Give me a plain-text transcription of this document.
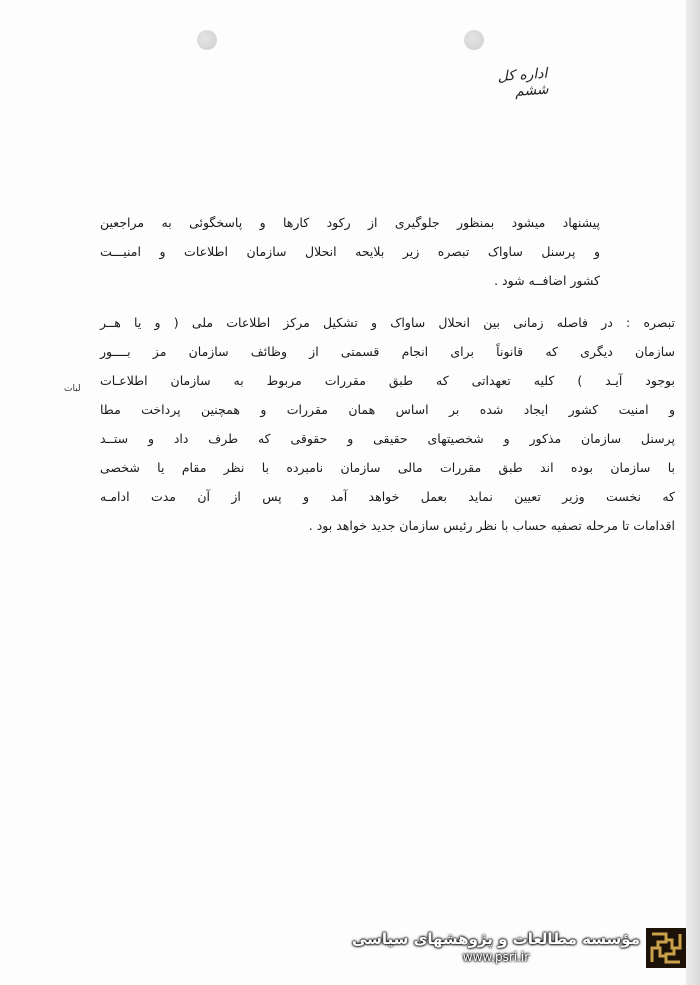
اداره کل ششم
پیشنهاد میشود بمنظور جلوگیری از رکود کارها و پاسخگوئی به مراجعین
و پرسنل ساواک تبصره زیر بلایحه انحلال سازمان اطلاعات و امنیـــت
کشور اضافــه شود .
تبصره : در فاصله زمانی بین انحلال ساواک و تشکیل مرکز اطلاعات ملی ( و یا هــر
سازمان دیگری که قانوناً برای انجام قسمتی از وظائف سازمان مز بــــور
بوجود آیـد ) کلیه تعهداتی که طبق مقررات مربوط به سازمان اطلاعـات
و امنیت کشور ایجاد شده بر اساس همان مقررات و همچنین پرداخت مطا
پرسنل سازمان مذکور و شخصیتهای حقیقی و حقوقی که طرف داد و ستــد
با سازمان بوده اند طبق مقررات مالی سازمان نامبرده با نظر مقام یا شخصی
که نخست وزیر تعیین نماید بعمل خواهد آمد و پس از آن مدت ادامـه
اقدامات تا مرحله تصفیه حساب با نظر رئیس سازمان جدید خواهد بود .
لبات
مؤسسه مطالعات و پژوهشهای سیاسی
www.psri.ir
